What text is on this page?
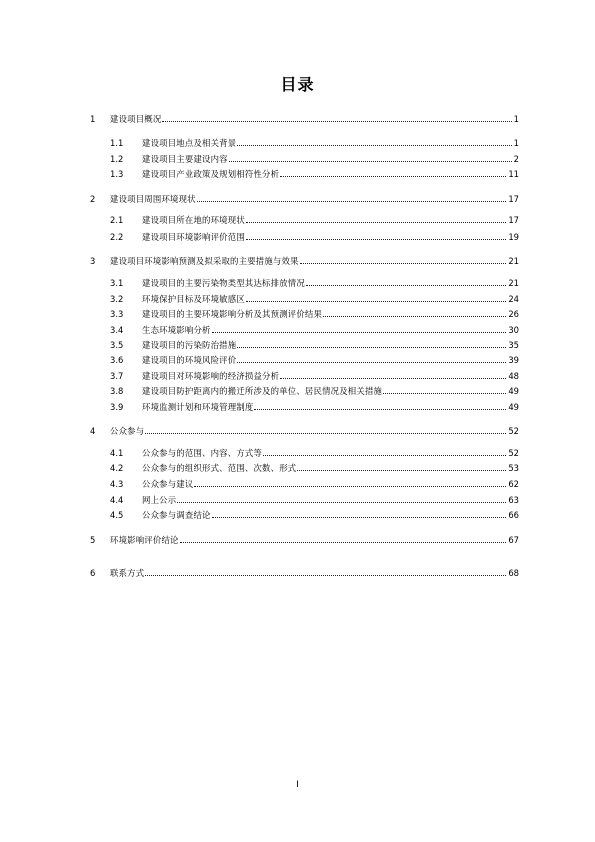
目录
1 建设项目概况	1
1.1 建设项目地点及相关背景	1
1.2 建设项目主要建设内容	2
1.3 建设项目产业政策及规划相符性分析	11
2 建设项目周围环境现状	17
2.1 建设项目所在地的环境现状	17
2.2 建设项目环境影响评价范围	19
3 建设项目环境影响预测及拟采取的主要措施与效果	21
3.1 建设项目的主要污染物类型其达标排放情况	21
3.2 环境保护目标及环境敏感区	24
3.3 建设项目的主要环境影响分析及其预测评价结果	26
3.4 生态环境影响分析	30
3.5 建设项目的污染防治措施	35
3.6 建设项目的环境风险评价	39
3.7 建设项目对环境影响的经济损益分析	48
3.8 建设项目防护距离内的搬迁所涉及的单位、居民情况及相关措施	49
3.9 环境监测计划和环境管理制度	49
4 公众参与	52
4.1 公众参与的范围、内容、方式等	52
4.2 公众参与的组织形式、范围、次数、形式	53
4.3 公众参与建议	62
4.4 网上公示	63
4.5 公众参与调查结论	66
5 环境影响评价结论	67
6 联系方式	68
I
